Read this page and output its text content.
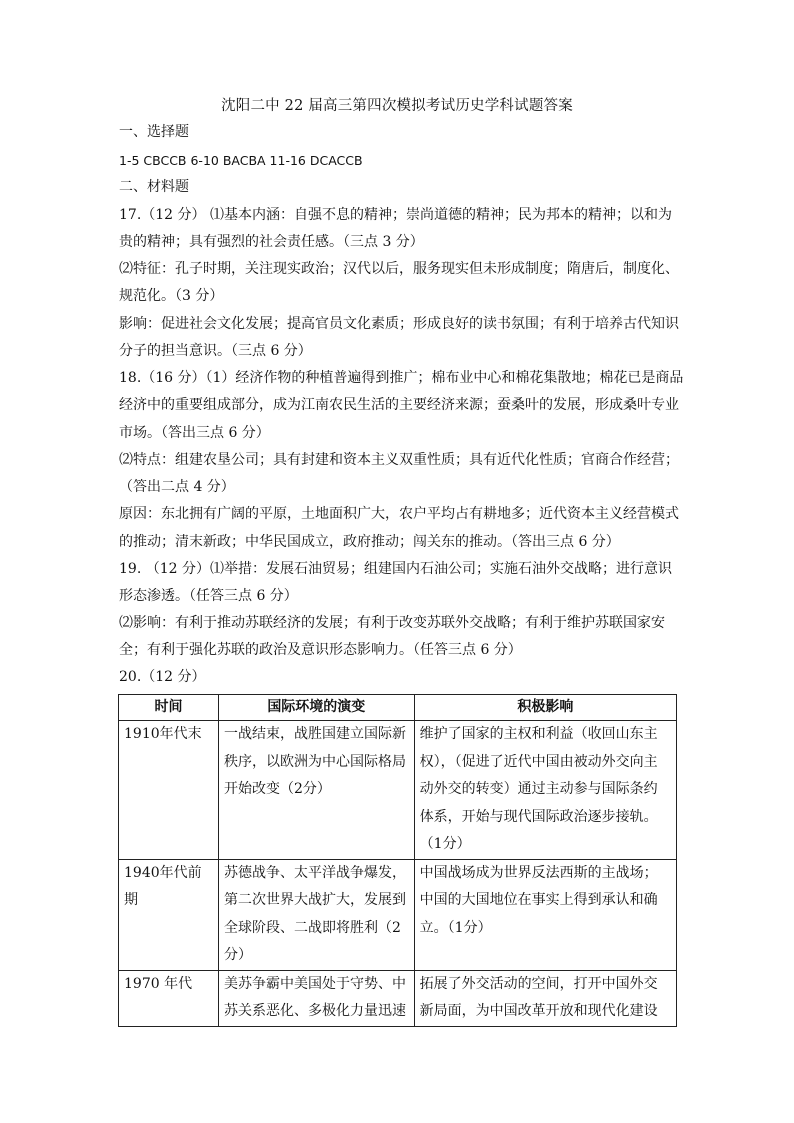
沈阳二中 22 届高三第四次模拟考试历史学科试题答案
一、选择题
1-5 CBCCB 6-10 BACBA 11-16 DCACCB
二、材料题
17.（12 分） ⑴基本内涵：自强不息的精神；崇尚道德的精神；民为邦本的精神；以和为
贵的精神；具有强烈的社会责任感。（三点 3 分）
⑵特征：孔子时期，关注现实政治；汉代以后，服务现实但未形成制度；隋唐后，制度化、
规范化。（3 分）
影响：促进社会文化发展；提高官员文化素质；形成良好的读书氛围；有利于培养古代知识
分子的担当意识。（三点 6 分）
18.（16 分）（1）经济作物的种植普遍得到推广；棉布业中心和棉花集散地；棉花已是商品
经济中的重要组成部分，成为江南农民生活的主要经济来源；蚕桑叶的发展，形成桑叶专业
市场。（答出三点 6 分）
⑵特点：组建农垦公司；具有封建和资本主义双重性质；具有近代化性质；官商合作经营；
（答出二点 4 分）
原因：东北拥有广阔的平原，土地面积广大，农户平均占有耕地多；近代资本主义经营模式
的推动；清末新政；中华民国成立，政府推动；闯关东的推动。（答出三点 6 分）
19. （12 分）⑴举措：发展石油贸易；组建国内石油公司；实施石油外交战略；进行意识
形态渗透。（任答三点 6 分）
⑵影响：有利于推动苏联经济的发展；有利于改变苏联外交战略；有利于维护苏联国家安
全；有利于强化苏联的政治及意识形态影响力。（任答三点 6 分）
20.（12 分）
时间	国际环境的演变	积极影响
1910年代末	一战结束，战胜国建立国际新
秩序，以欧洲为中心国际格局
开始改变（2分）	维护了国家的主权和利益（收回山东主
权），（促进了近代中国由被动外交向主
动外交的转变）通过主动参与国际条约
体系，开始与现代国际政治逐步接轨。
（1分）

1940年代前期	苏德战争、太平洋战争爆发，
第二次世界大战扩大，发展到
全球阶段、二战即将胜利（2
分）	中国战场成为世界反法西斯的主战场；
中国的大国地位在事实上得到承认和确
立。（1分）

1970 年代	美苏争霸中美国处于守势、中
苏关系恶化、多极化力量迅速	拓展了外交活动的空间，打开中国外交
新局面，为中国改革开放和现代化建设
